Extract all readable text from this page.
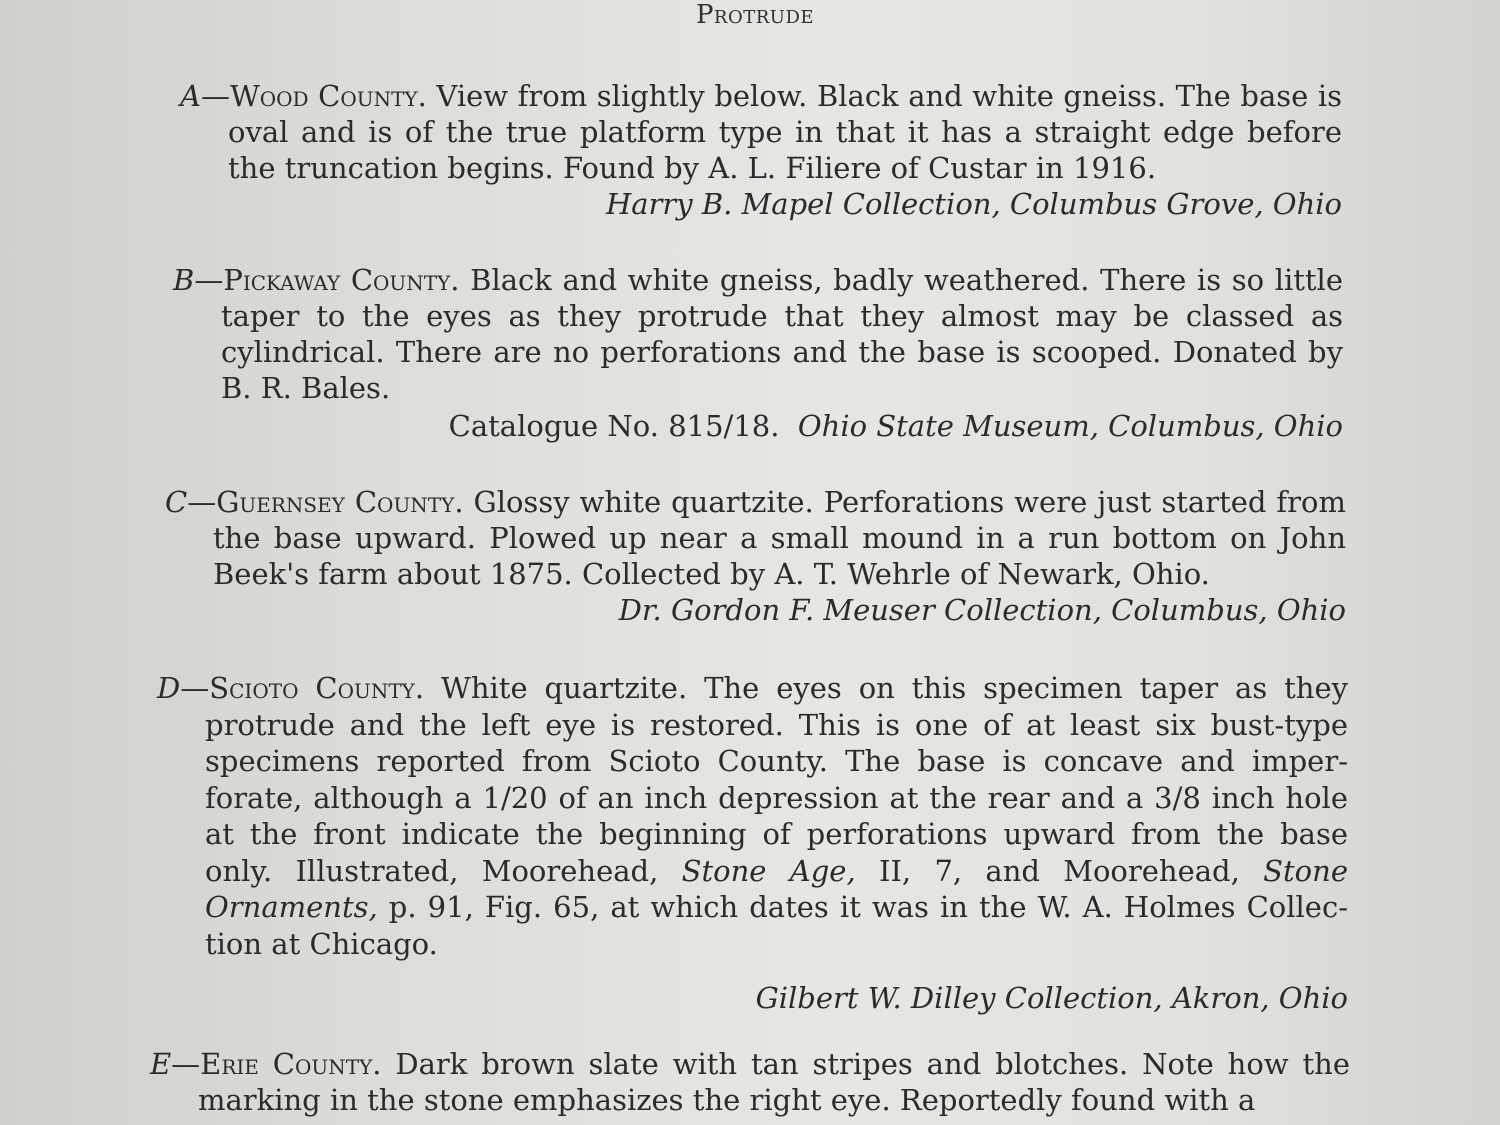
Protrude
A—Wood County. View from slightly below. Black and white gneiss. The base is oval and is of the true platform type in that it has a straight edge before the truncation begins. Found by A. L. Filiere of Custar in 1916.
Harry B. Mapel Collection, Columbus Grove, Ohio
B—Pickaway County. Black and white gneiss, badly weathered. There is so little taper to the eyes as they protrude that they almost may be classed as cylindrical. There are no perforations and the base is scooped. Donated by B. R. Bales.
Catalogue No. 815/18. Ohio State Museum, Columbus, Ohio
C—Guernsey County. Glossy white quartzite. Perforations were just started from the base upward. Plowed up near a small mound in a run bottom on John Beek's farm about 1875. Collected by A. T. Wehrle of Newark, Ohio.
Dr. Gordon F. Meuser Collection, Columbus, Ohio
D—Scioto County. White quartzite. The eyes on this specimen taper as they protrude and the left eye is restored. This is one of at least six bust-type specimens reported from Scioto County. The base is concave and imper-forate, although a 1/20 of an inch depression at the rear and a 3/8 inch hole at the front indicate the beginning of perforations upward from the base only. Illustrated, Moorehead, Stone Age, II, 7, and Moorehead, Stone Ornaments, p. 91, Fig. 65, at which dates it was in the W. A. Holmes Collec-tion at Chicago.
Gilbert W. Dilley Collection, Akron, Ohio
E—Erie County. Dark brown slate with tan stripes and blotches. Note how the marking in the stone emphasizes the right eye. Reportedly found with a
